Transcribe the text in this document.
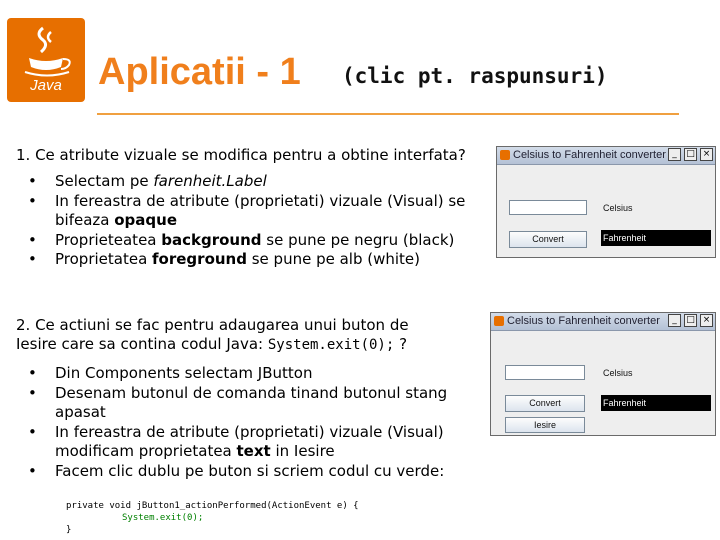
Java Aplicatii - 1 (clic pt. raspunsuri)
1. Ce atribute vizuale se modifica pentru a obtine interfata?
• Selectam pe farenheit.Label
• In fereastra de atribute (proprietati) vizuale (Visual) se bifeaza opaque
• Proprieteatea background se pune pe negru (black)
• Proprietatea foreground se pune pe alb (white)
Celsius to Fahrenheit converter _	□ ×
Celsius
Convert	Fahrenheit
2. Ce actiuni se fac pentru adaugarea unui buton de
Iesire care sa contina codul Java: System.exit(0); ?
• Din Components selectam JButton
• Desenam butonul de comanda tinand butonul stang apasat
• In fereastra de atribute (proprietati) vizuale (Visual) modificam proprietatea text in Iesire
• Facem clic dublu pe buton si scriem codul cu verde:
private void jButton1_actionPerformed(ActionEvent e) {
System.exit(0);
}
Celsius to Fahrenheit converter	_	□ ×
Celsius
Convert	Fahrenheit
Iesire
